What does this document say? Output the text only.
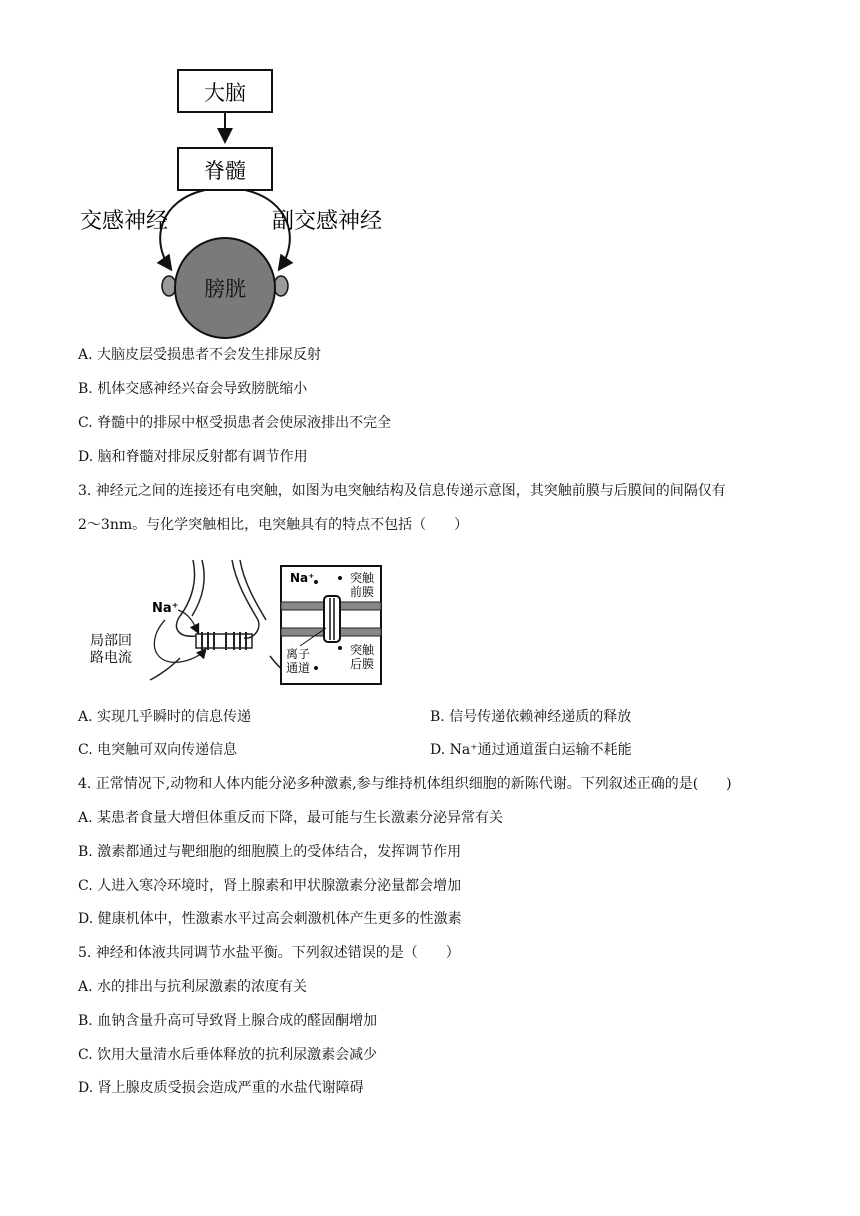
大脑
脊髓
交感神经	副交感神经
膀胱
A. 大脑皮层受损患者不会发生排尿反射
B. 机体交感神经兴奋会导致膀胱缩小
C. 脊髓中的排尿中枢受损患者会使尿液排出不完全
D. 脑和脊髓对排尿反射都有调节作用
3. 神经元之间的连接还有电突触，如图为电突触结构及信息传递示意图，其突触前膜与后膜间的间隔仅有
2～3nm。与化学突触相比，电突触具有的特点不包括（　　）
Na⁺
局部回
路电流
Na⁺	突触
前膜
离子
通道
突触
后膜
A. 实现几乎瞬时的信息传递	B. 信号传递依赖神经递质的释放
C. 电突触可双向传递信息	D. Na⁺通过通道蛋白运输不耗能
4. 正常情况下,动物和人体内能分泌多种激素,参与维持机体组织细胞的新陈代谢。下列叙述正确的是(　　)
A. 某患者食量大增但体重反而下降，最可能与生长激素分泌异常有关
B. 激素都通过与靶细胞的细胞膜上的受体结合，发挥调节作用
C. 人进入寒冷环境时，肾上腺素和甲状腺激素分泌量都会增加
D. 健康机体中，性激素水平过高会刺激机体产生更多的性激素
5. 神经和体液共同调节水盐平衡。下列叙述错误的是（　　）
A. 水的排出与抗利尿激素的浓度有关
B. 血钠含量升高可导致肾上腺合成的醛固酮增加
C. 饮用大量清水后垂体释放的抗利尿激素会减少
D. 肾上腺皮质受损会造成严重的水盐代谢障碍
